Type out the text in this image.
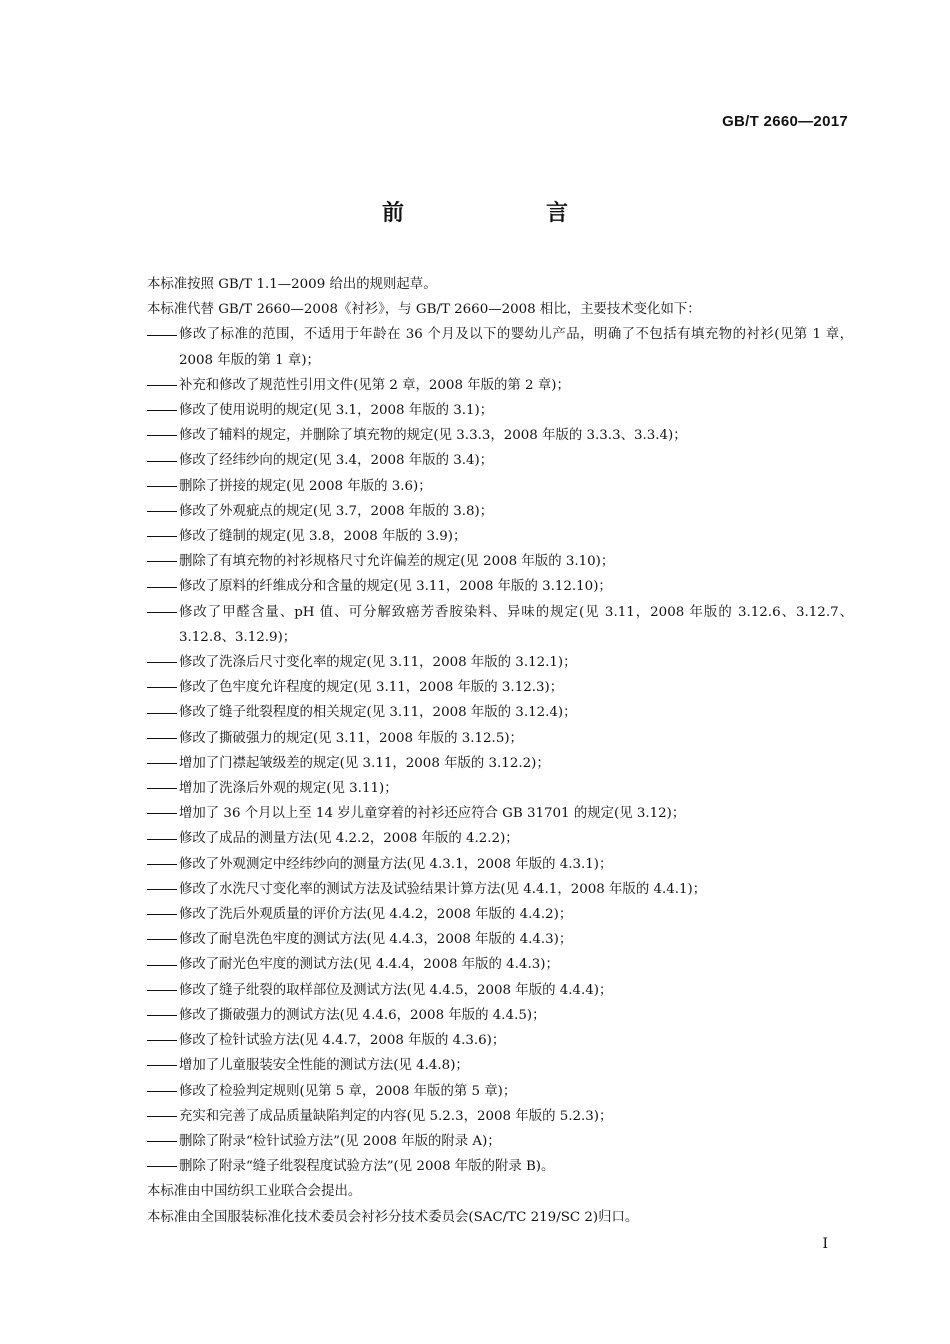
GB/T 2660—2017
前　言

本标准按照 GB/T 1.1—2009 给出的规则起草。

本标准代替 GB/T 2660—2008《衬衫》，与 GB/T 2660—2008 相比，主要技术变化如下：

修改了标准的范围，不适用于年龄在 36 个月及以下的婴幼儿产品，明确了不包括有填充物的衬衫(见第 1 章，2008 年版的第 1 章)；
补充和修改了规范性引用文件(见第 2 章，2008 年版的第 2 章)；
修改了使用说明的规定(见 3.1，2008 年版的 3.1)；
修改了辅料的规定，并删除了填充物的规定(见 3.3.3，2008 年版的 3.3.3、3.3.4)；
修改了经纬纱向的规定(见 3.4，2008 年版的 3.4)；
删除了拼接的规定(见 2008 年版的 3.6)；
修改了外观疵点的规定(见 3.7，2008 年版的 3.8)；
修改了缝制的规定(见 3.8，2008 年版的 3.9)；
删除了有填充物的衬衫规格尺寸允许偏差的规定(见 2008 年版的 3.10)；
修改了原料的纤维成分和含量的规定(见 3.11，2008 年版的 3.12.10)；
修改了甲醛含量、pH 值、可分解致癌芳香胺染料、异味的规定(见 3.11，2008 年版的 3.12.6、3.12.7、3.12.8、3.12.9)；
修改了洗涤后尺寸变化率的规定(见 3.11，2008 年版的 3.12.1)；
修改了色牢度允许程度的规定(见 3.11，2008 年版的 3.12.3)；
修改了缝子纰裂程度的相关规定(见 3.11，2008 年版的 3.12.4)；
修改了撕破强力的规定(见 3.11，2008 年版的 3.12.5)；
增加了门襟起皱级差的规定(见 3.11，2008 年版的 3.12.2)；
增加了洗涤后外观的规定(见 3.11)；
增加了 36 个月以上至 14 岁儿童穿着的衬衫还应符合 GB 31701 的规定(见 3.12)；
修改了成品的测量方法(见 4.2.2，2008 年版的 4.2.2)；
修改了外观测定中经纬纱向的测量方法(见 4.3.1，2008 年版的 4.3.1)；
修改了水洗尺寸变化率的测试方法及试验结果计算方法(见 4.4.1，2008 年版的 4.4.1)；
修改了洗后外观质量的评价方法(见 4.4.2，2008 年版的 4.4.2)；
修改了耐皂洗色牢度的测试方法(见 4.4.3，2008 年版的 4.4.3)；
修改了耐光色牢度的测试方法(见 4.4.4，2008 年版的 4.4.3)；
修改了缝子纰裂的取样部位及测试方法(见 4.4.5，2008 年版的 4.4.4)；
修改了撕破强力的测试方法(见 4.4.6，2008 年版的 4.4.5)；
修改了检针试验方法(见 4.4.7，2008 年版的 4.3.6)；
增加了儿童服装安全性能的测试方法(见 4.4.8)；
修改了检验判定规则(见第 5 章，2008 年版的第 5 章)；
充实和完善了成品质量缺陷判定的内容(见 5.2.3，2008 年版的 5.2.3)；
删除了附录“检针试验方法”(见 2008 年版的附录 A)；
删除了附录“缝子纰裂程度试验方法”(见 2008 年版的附录 B)。

本标准由中国纺织工业联合会提出。

本标准由全国服装标准化技术委员会衬衫分技术委员会(SAC/TC 219/SC 2)归口。

I
